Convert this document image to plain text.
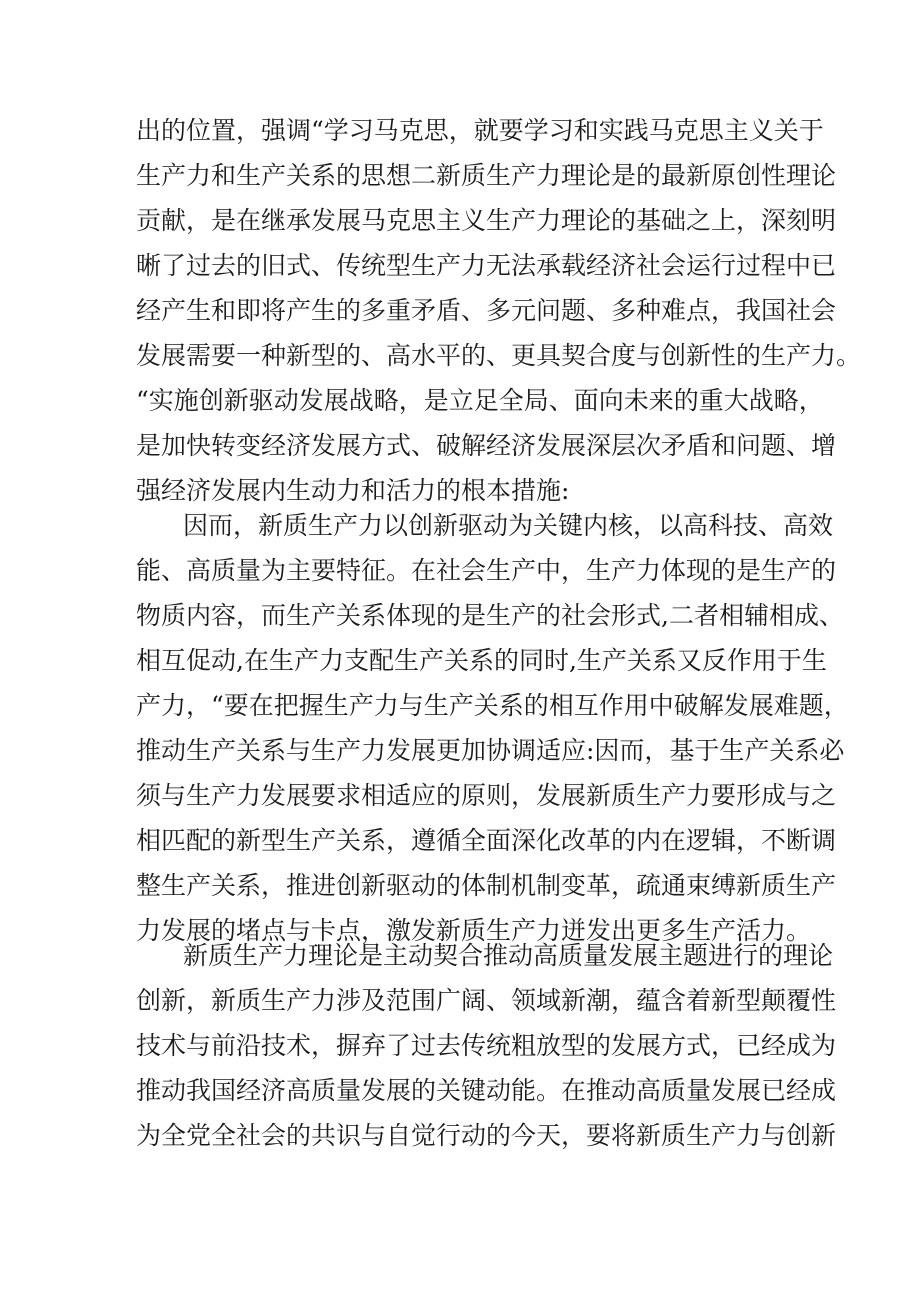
出的位置，强调“学习马克思，就要学习和实践马克思主义关于
生产力和生产关系的思想二新质生产力理论是的最新原创性理论
贡献，是在继承发展马克思主义生产力理论的基础之上，深刻明
晰了过去的旧式、传统型生产力无法承载经济社会运行过程中已
经产生和即将产生的多重矛盾、多元问题、多种难点，我国社会
发展需要一种新型的、高水平的、更具契合度与创新性的生产力。
“实施创新驱动发展战略，是立足全局、面向未来的重大战略，
是加快转变经济发展方式、破解经济发展深层次矛盾和问题、增
强经济发展内生动力和活力的根本措施:
因而，新质生产力以创新驱动为关键内核，以高科技、高效
能、高质量为主要特征。在社会生产中，生产力体现的是生产的
物质内容，而生产关系体现的是生产的社会形式,二者相辅相成、
相互促动,在生产力支配生产关系的同时,生产关系又反作用于生
产力，“要在把握生产力与生产关系的相互作用中破解发展难题，
推动生产关系与生产力发展更加协调适应:因而，基于生产关系必
须与生产力发展要求相适应的原则，发展新质生产力要形成与之
相匹配的新型生产关系，遵循全面深化改革的内在逻辑，不断调
整生产关系，推进创新驱动的体制机制变革，疏通束缚新质生产
力发展的堵点与卡点，激发新质生产力迸发出更多生产活力。
新质生产力理论是主动契合推动高质量发展主题进行的理论
创新，新质生产力涉及范围广阔、领域新潮，蕴含着新型颠覆性
技术与前沿技术，摒弃了过去传统粗放型的发展方式，已经成为
推动我国经济高质量发展的关键动能。在推动高质量发展已经成
为全党全社会的共识与自觉行动的今天，要将新质生产力与创新
